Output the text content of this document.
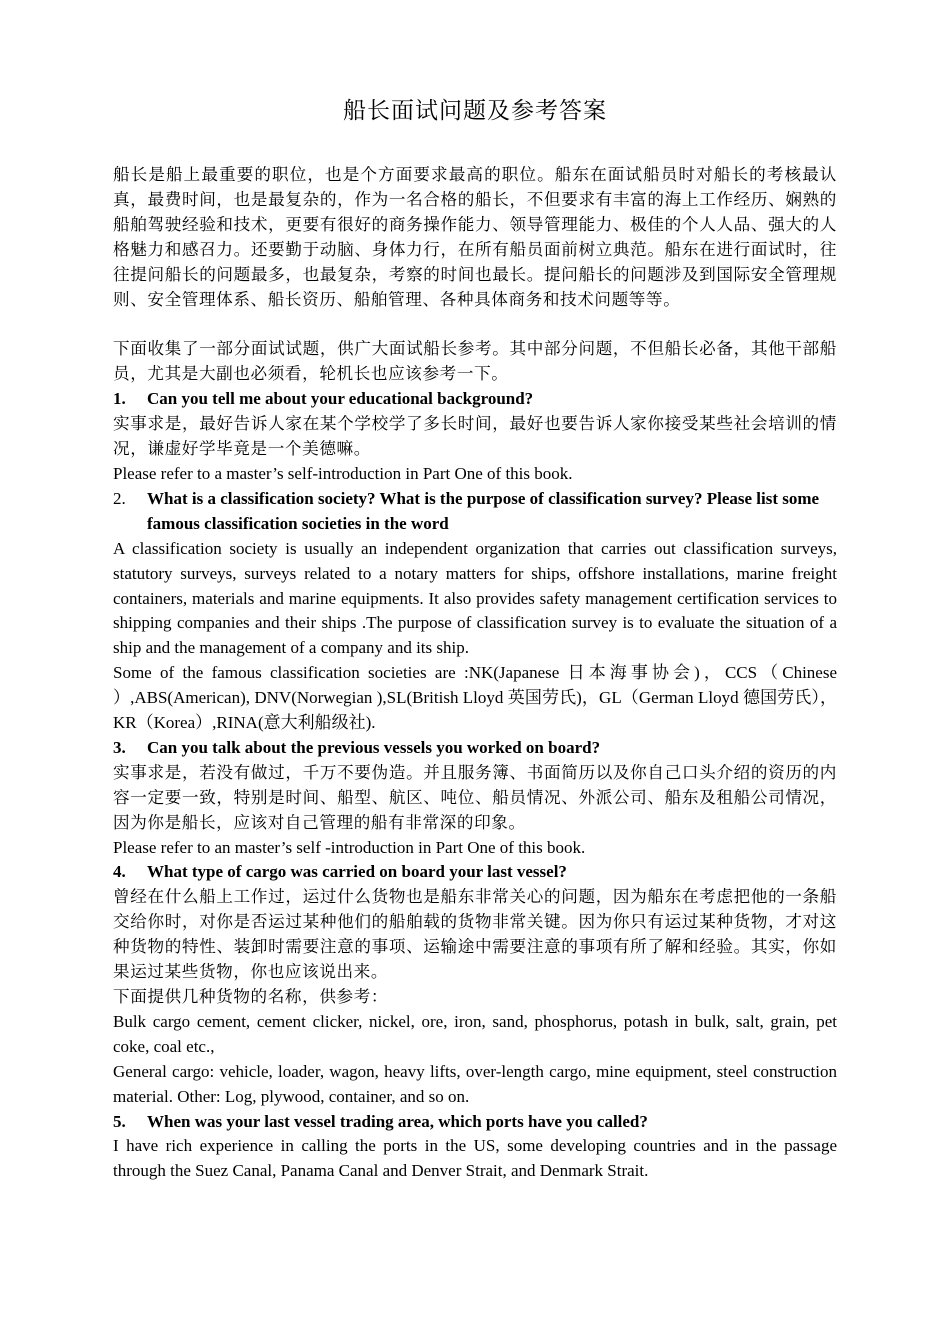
船长面试问题及参考答案

船长是船上最重要的职位，也是个方面要求最高的职位。船东在面试船员时对船长的考核最认真，最费时间，也是最复杂的，作为一名合格的船长，不但要求有丰富的海上工作经历、娴熟的船舶驾驶经验和技术，更要有很好的商务操作能力、领导管理能力、极佳的个人人品、强大的人格魅力和感召力。还要勤于动脑、身体力行，在所有船员面前树立典范。船东在进行面试时，往往提问船长的问题最多，也最复杂，考察的时间也最长。提问船长的问题涉及到国际安全管理规则、安全管理体系、船长资历、船舶管理、各种具体商务和技术问题等等。

下面收集了一部分面试试题，供广大面试船长参考。其中部分问题，不但船长必备，其他干部船员，尤其是大副也必须看，轮机长也应该参考一下。

1. Can you tell me about your educational background?

实事求是，最好告诉人家在某个学校学了多长时间，最好也要告诉人家你接受某些社会培训的情况，谦虚好学毕竟是一个美德嘛。

Please refer to a master’s self-introduction in Part One of this book.

2. What is a classification society? What is the purpose of classification survey? Please list some famous classification societies in the word

A classification society is usually an independent organization that carries out classification surveys, statutory surveys, surveys related to a notary matters for ships, offshore installations, marine freight containers, materials and marine equipments. It also provides safety management certification services to shipping companies and their ships .The purpose of classification survey is to evaluate the situation of a ship and the management of a company and its ship.

Some of the famous classification societies are :NK(Japanese 日本海事协会)，CCS（Chinese ）,ABS(American), DNV(Norwegian ),SL(British Lloyd 英国劳氏)，GL（German Lloyd 德国劳氏），KR（Korea）,RINA(意大利船级社).

3. Can you talk about the previous vessels you worked on board?

实事求是，若没有做过，千万不要伪造。并且服务簿、书面简历以及你自己口头介绍的资历的内容一定要一致，特别是时间、船型、航区、吨位、船员情况、外派公司、船东及租船公司情况，因为你是船长，应该对自己管理的船有非常深的印象。

Please refer to an master’s self -introduction in Part One of this book.

4. What type of cargo was carried on board your last vessel?

曾经在什么船上工作过，运过什么货物也是船东非常关心的问题，因为船东在考虑把他的一条船交给你时，对你是否运过某种他们的船舶载的货物非常关键。因为你只有运过某种货物，才对这种货物的特性、装卸时需要注意的事项、运输途中需要注意的事项有所了解和经验。其实，你如果运过某些货物，你也应该说出来。

下面提供几种货物的名称，供参考：

Bulk cargo cement, cement clicker, nickel, ore, iron, sand, phosphorus, potash in bulk, salt, grain, pet coke, coal etc.,

General cargo: vehicle, loader, wagon, heavy lifts, over-length cargo, mine equipment, steel construction material. Other: Log, plywood, container, and so on.

5. When was your last vessel trading area, which ports have you called?

I have rich experience in calling the ports in the US, some developing countries and in the passage through the Suez Canal, Panama Canal and Denver Strait, and Denmark Strait.
